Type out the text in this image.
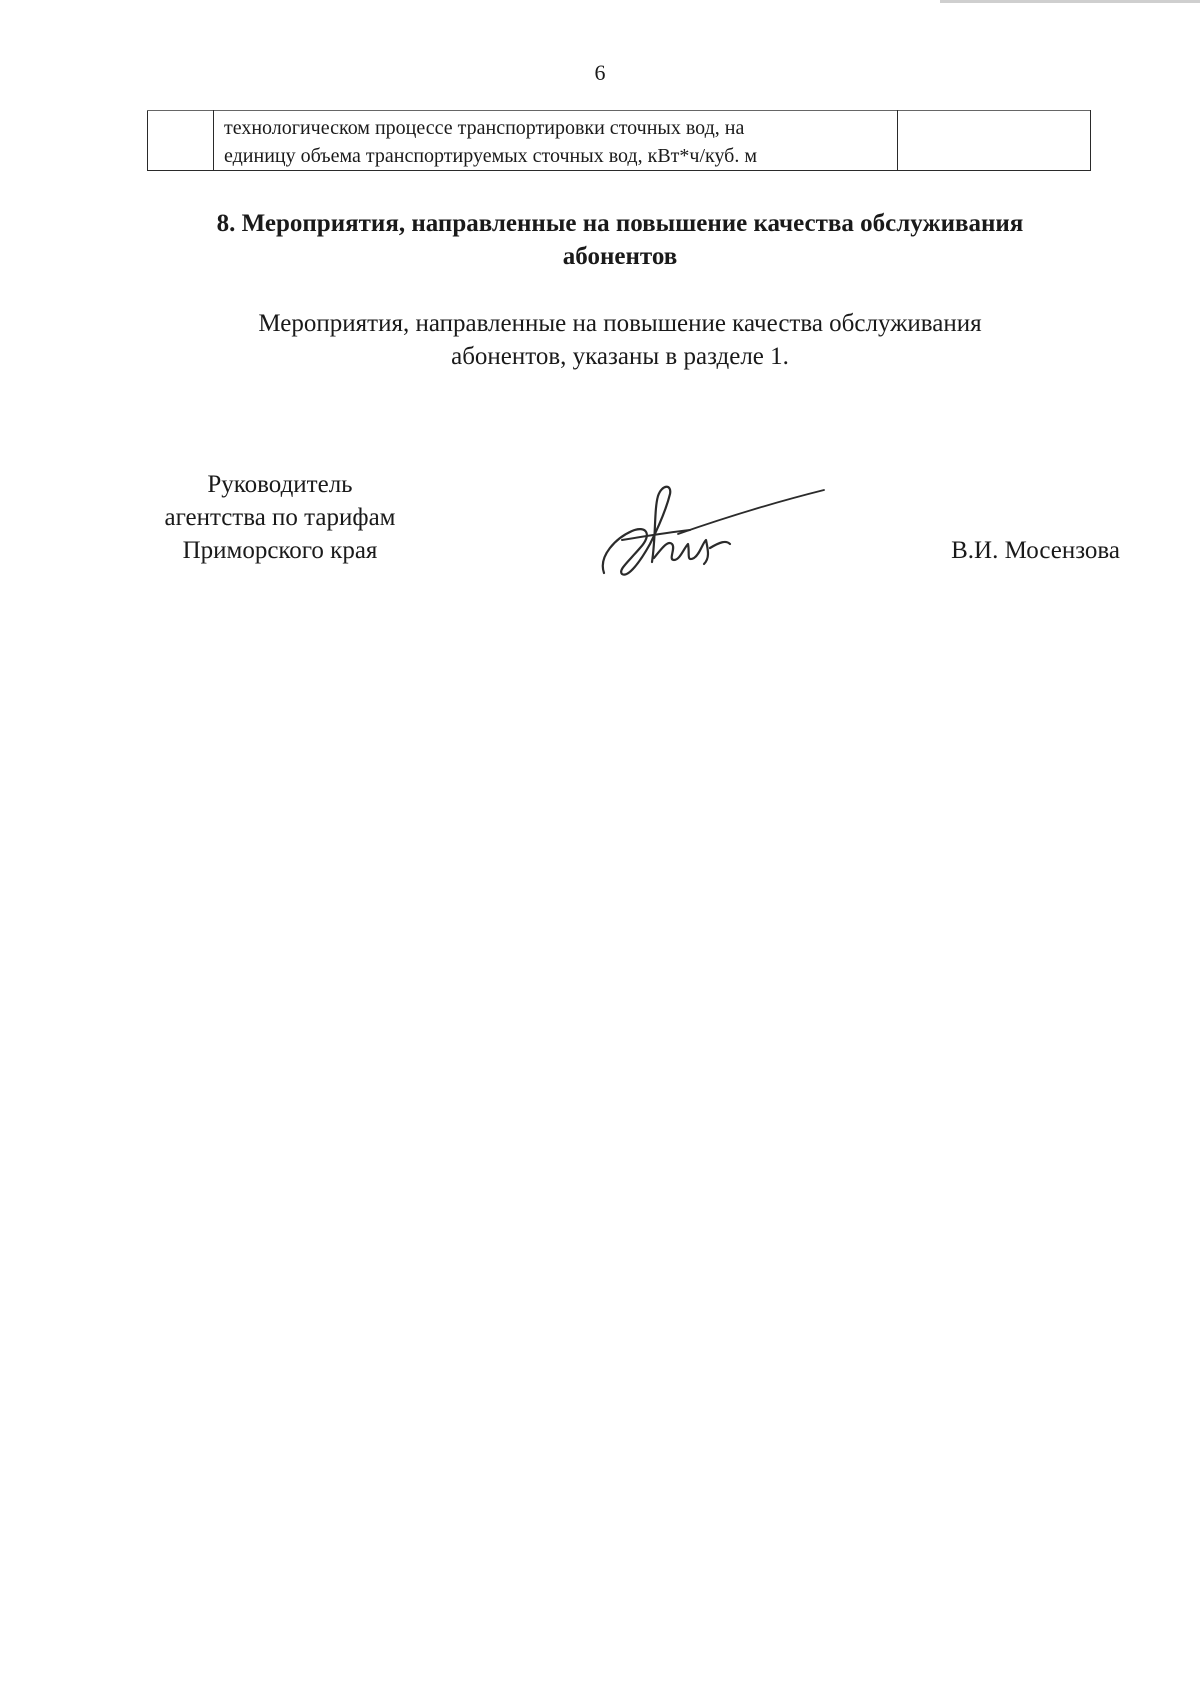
6

технологическом процессе транспортировки сточных вод, на
единицу объема транспортируемых сточных вод, кВт*ч/куб. м

8. Мероприятия, направленные на повышение качества обслуживания
абонентов
Мероприятия, направленные на повышение качества обслуживания
абонентов, указаны в разделе 1.
Руководитель
агентства по тарифам
Приморского края	В.И. Мосензова
